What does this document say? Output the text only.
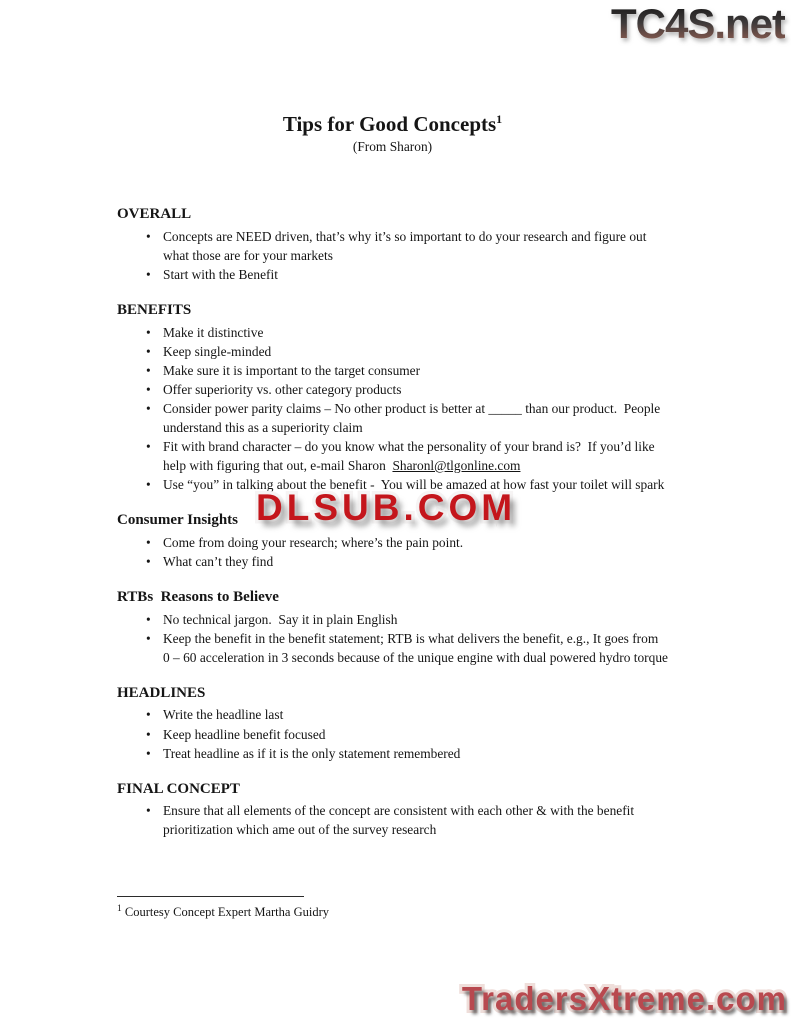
TC4S.net
Tips for Good Concepts$^1$
(From Sharon)
OVERALL
• Concepts are NEED driven, that’s why it’s so important to do your research and figure out what those are for your markets
• Start with the Benefit
BENEFITS
• Make it distinctive
• Keep single-minded
• Make sure it is important to the target consumer
• Offer superiority vs. other category products
• Consider power parity claims – No other product is better at _____ than our product.  People understand this as a superiority claim
• Fit with brand character – do you know what the personality of your brand is?  If you’d like help with figuring that out, e-mail Sharon  Sharonl@tlgonline.com
• Use “you” in talking about the benefit -  You will be amazed at how fast your toilet will spark
Consumer Insights
• Come from doing your research; where’s the pain point.
• What can’t they find
RTBs  Reasons to Believe
• No technical jargon.  Say it in plain English
• Keep the benefit in the benefit statement; RTB is what delivers the benefit, e.g., It goes from 0 – 60 acceleration in 3 seconds because of the unique engine with dual powered hydro torque
HEADLINES
• Write the headline last
• Keep headline benefit focused
• Treat headline as if it is the only statement remembered
FINAL CONCEPT
• Ensure that all elements of the concept are consistent with each other & with the benefit prioritization which ame out of the survey research
DLSUB.COM
$^1$ Courtesy Concept Expert Martha Guidry
TradersXtreme.com
